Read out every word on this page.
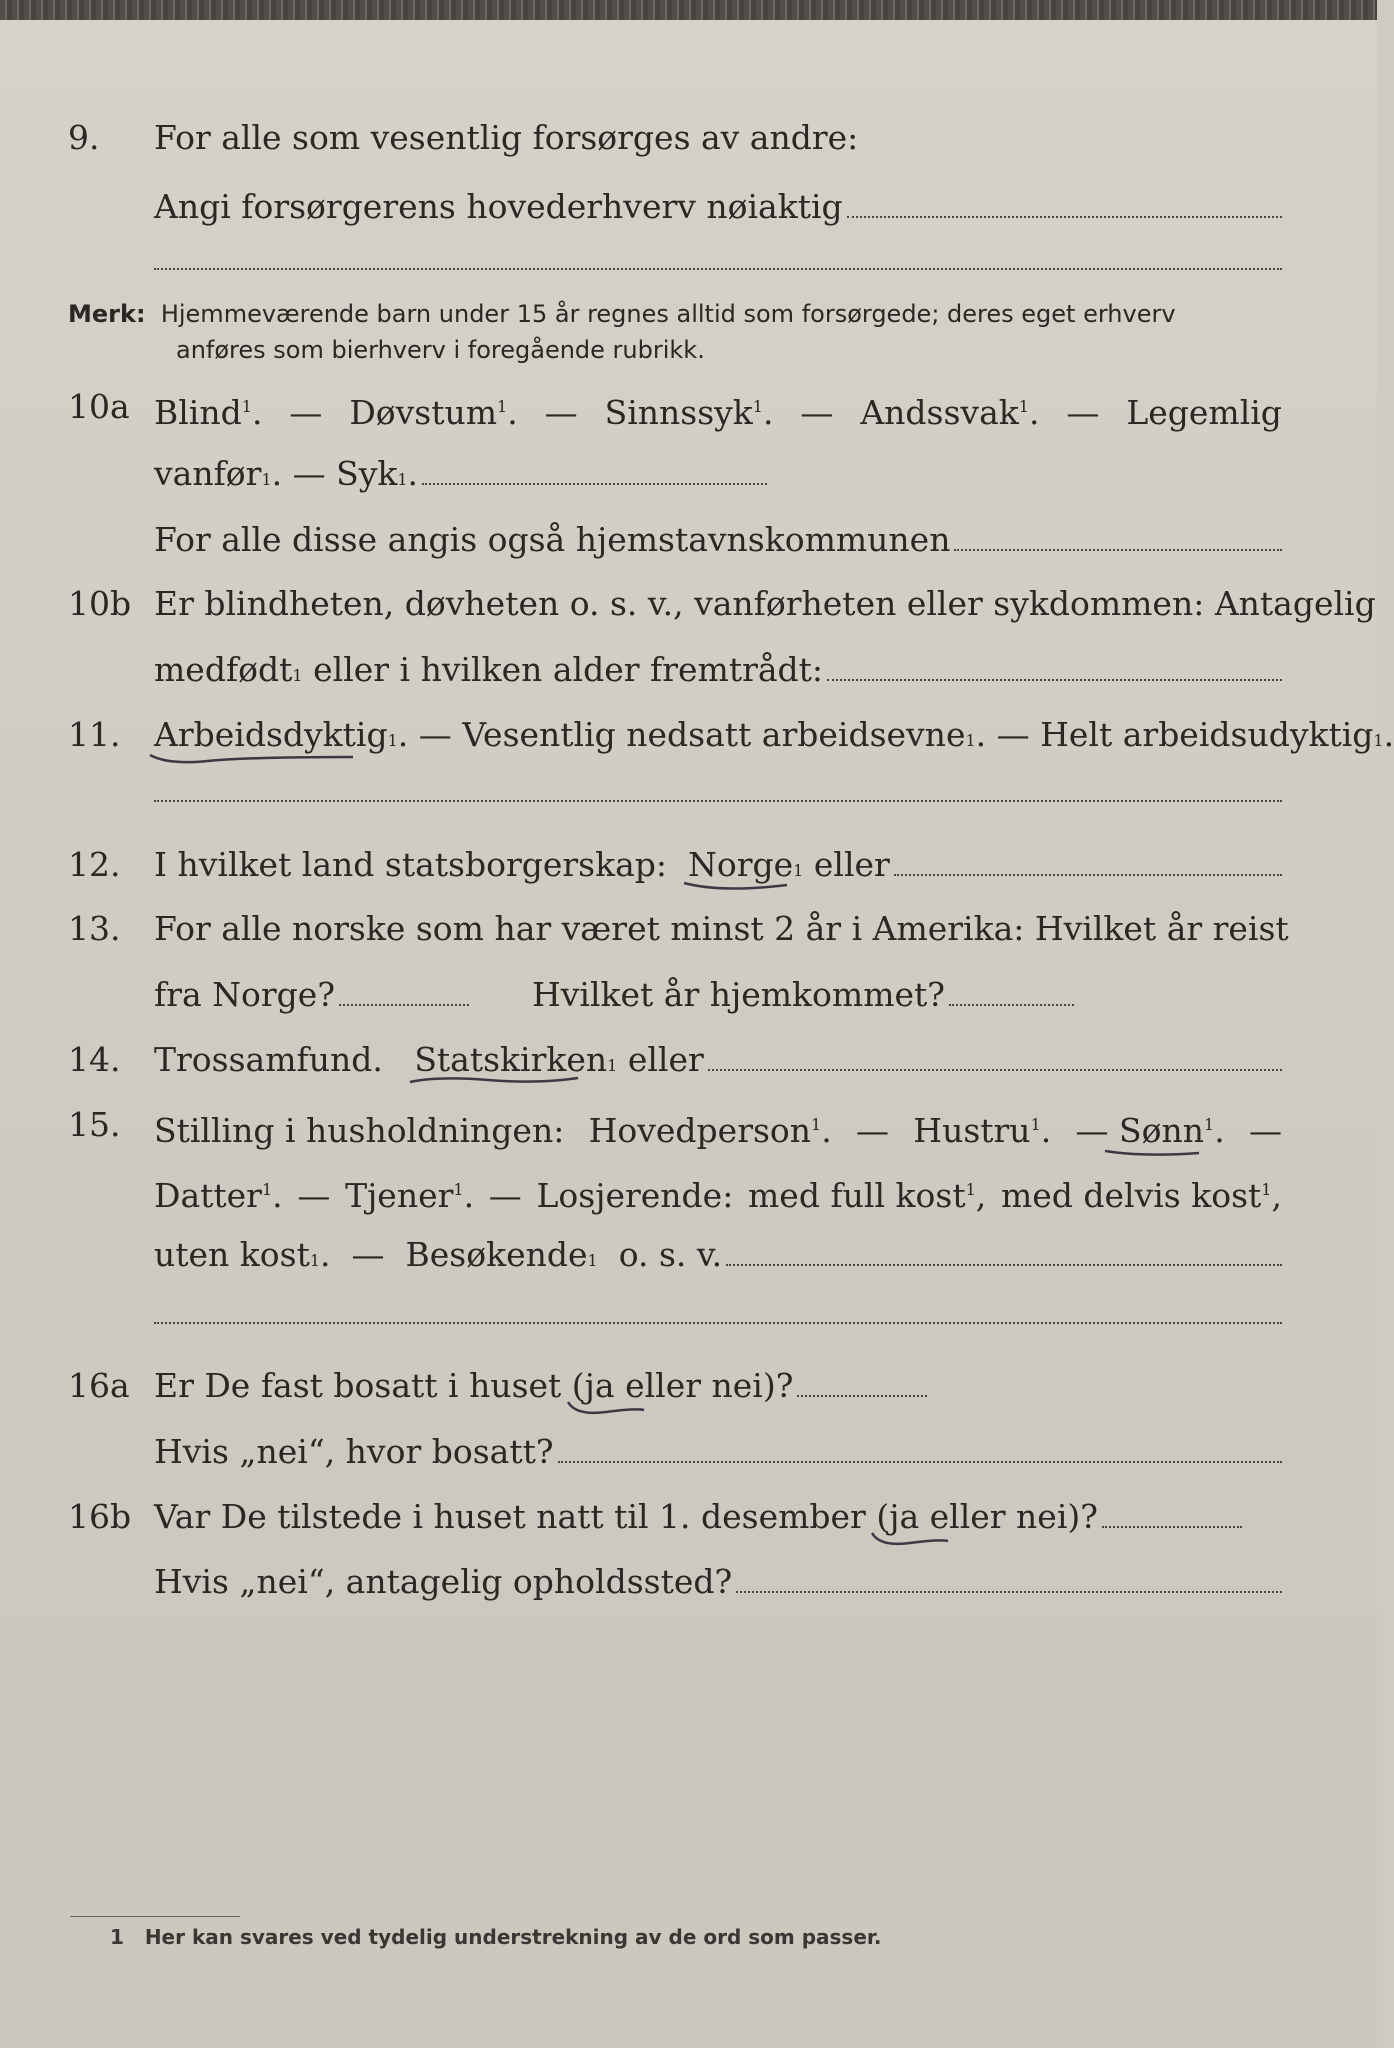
9.	For alle som vesentlig forsørges av andre:
Angi forsørgerens hovederhverv nøiaktig
Merk: Hjemmeværende barn under 15 år regnes alltid som forsørgede; deres eget erhverv
anføres som bierhverv i foregående rubrikk.
10a Blind$^1$. — Døvstum$^1$. — Sinnssyk$^1$. — Andssvak$^1$. — Legemlig
vanfør 1 . —
Syk 1 .
For alle disse angis også hjemstavnskommunen
10b Er blindheten, døvheten o. s. v., vanførheten eller sykdommen: Antagelig
medfødt 1
eller i hvilken alder fremtrådt:
11.	Arbeidsdyktig 1 . — Vesentlig nedsatt arbeidsevne 1 . — Helt arbeidsudyktig 1 .
12.	I hvilket land statsborgerskap:
Norge 1
eller
13.	For alle norske som har været minst 2 år i Amerika: Hvilket år reist
fra Norge?
	Hvilket år hjemkommet?
14.	Trossamfund.
Statskirken 1
eller
15.	Stilling i husholdningen: Hovedperson$^1$. — Hustru$^1$. — Sønn
$^1$. —
Datter$^1$. — Tjener$^1$. — Losjerende: med full kost$^1$, med delvis kost$^1$,
uten kost 1 . —
Besøkende 1
o. s. v.
16a Er De fast bosatt i huset
(ja
eller nei)?
Hvis „nei“, hvor bosatt?
16b Var De tilstede i huset natt til 1. desember
(ja
eller nei)?
Hvis „nei“, antagelig opholdssted?
1 Her kan svares ved tydelig understrekning av de ord som passer.
